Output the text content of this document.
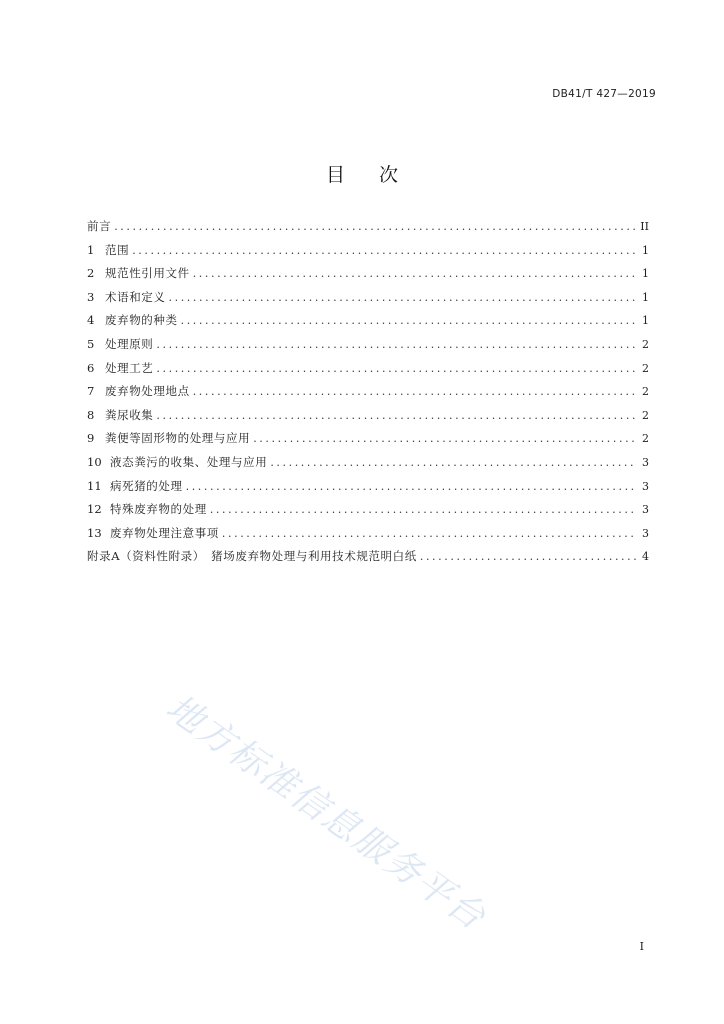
DB41/T 427—2019
目 次
前言 .....	II
1 范围 .....	1
2 规范性引用文件 .....	1
3 术语和定义 .....	1
4 废弃物的种类 .....	1
5 处理原则 .....	2
6 处理工艺 .....	2
7 废弃物处理地点 .....	2
8 粪尿收集 .....	2
9 粪便等固形物的处理与应用 .....	2
10 液态粪污的收集、处理与应用 .....	3
11 病死猪的处理 .....	3
12 特殊废弃物的处理 .....	3
13 废弃物处理注意事项 .....	3
附录A（资料性附录）　猪场废弃物处理与利用技术规范明白纸 .....	4
地方标准信息服务平台
I
